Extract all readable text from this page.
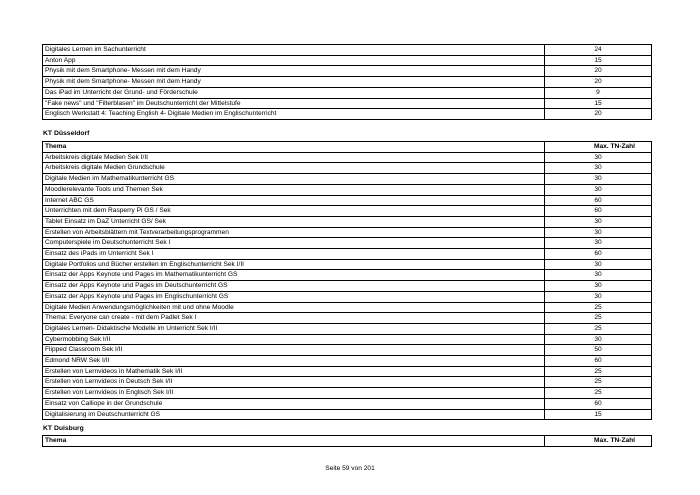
Digitales Lernen im Sachunterricht	24
Anton App	15
Physik mit dem Smartphone- Messen mit dem Handy	20
Physik mit dem Smartphone- Messen mit dem Handy	20
Das iPad im Unterricht der Grund- und Förderschule	9
"Fake news" und "Filterblasen" im Deutschunterricht der Mittelstufe	15
Englisch Werkstatt 4: Teaching English 4- Digitale Medien im Englischunterricht	20
KT Düsseldorf
Thema	Max. TN-Zahl
Arbeitskreis digitale Medien Sek I/II	30
Arbeitskreis digitale Medien Grundschule	30
Digitale Medien im Mathematikunterricht GS	30
Moodlerelevante Tools und Themen Sek	30
Internet ABC GS	60
Unterrichten mit dem Rasperry Pi GS / Sek	60
Tablet Einsatz im DaZ Unterricht GS/ Sek	30
Erstellen von Arbeitsblättern mit Textverarbeitungsprogrammen	30
Computerspiele im Deutschunterricht Sek I	30
Einsatz des iPads im Unterricht Sek I	60
Digitale Portfolios und Bücher erstellen im Englischunterricht Sek I/II	30
Einsatz der Apps Keynote und Pages im Mathematikunterricht GS	30
Einsatz der Apps Keynote und Pages im Deutschunterricht GS	30
Einsatz der Apps Keynote und Pages im Englischunterricht GS	30
Digitale Medien Anwendungsmöglichkeiten mit und ohne Moodle	25
Thema: Everyone can create - mit dem Padlet Sek I	25
Digitales Lernen- Didaktische Modelle im Unterricht Sek I/II	25
Cybermobbing Sek I/II	30
Flipped Classroom Sek I/II	50
Edmond NRW Sek I/II	60
Erstellen von Lernvideos in Mathematik Sek I/II	25
Erstellen von Lernvideos in Deutsch Sek I/II	25
Erstellen von Lernvideos in Englisch Sek I/II	25
Einsatz von Calliope in der Grundschule	60
Digitalisierung im Deutschunterricht GS	15
KT Duisburg
Thema	Max. TN-Zahl
Seite 59 von 201
